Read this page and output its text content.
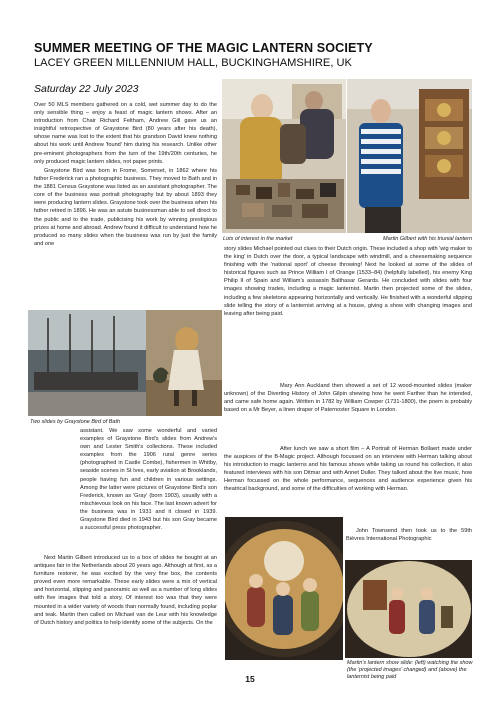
SUMMER MEETING OF THE MAGIC LANTERN SOCIETY
LACEY GREEN MILLENNIUM HALL, BUCKINGHAMSHIRE, UK
Saturday 22 July 2023
Over 50 MLS members gathered on a cold, wet summer day to do the only sensible thing – enjoy a feast of magic lantern shows. After an introduction from Chair Richard Feltham, Andrew Gill gave us an insightful retrospective of Graystone Bird (80 years after his death), whose name was lost to the extent that his grandson David knew nothing about his work until Andrew 'found' him during his research. Unlike other pre-eminent photographers from the turn of the 19th/20th centuries, he only produced magic lantern slides, not paper prints.
Graystone Bird was born in Frome, Somerset, in 1862 where his father Frederick ran a photographic business. They moved to Bath and in the 1881 Census Graystone was listed as an assistant photographer. The core of the business was portrait photography but by about 1893 they were producing lantern slides. Graystone took over the business when his father retired in 1896. He was an astute businessman able to sell direct to the public and to the trade, publicising his work by winning prestigious prizes at home and abroad. Andrew found it difficult to understand how he produced so many slides when the business was run by just the family and one
Lots of interest in the market	Martin Gilbert with his triunial lantern
story slides Michael pointed out clues to their Dutch origin. These included a shop with 'wig maker to the king' in Dutch over the door, a typical landscape with windmill, and a cheesemaking sequence finishing with the 'national sport' of cheese throwing! Next he looked at some of the slides of historical figures such as Prince William I of Orange (1533–84) (helpfully labelled), his enemy King Philip II of Spain and William's assassin Balthasar Gerards. He concluded with slides with four images showing trades, including a magic lanternist. Martin then projected some of the slides, including a few skeletons appearing horizontally and vertically. He finished with a wonderful slipping slide telling the story of a lanternist arriving at a house, giving a show with changing images and leaving after being paid.
Mary Ann Auckland then showed a set of 12 wood-mounted slides (maker unknown) of the Diverting History of John Gilpin shewing how he went Farther than he intended, and came safe home again. Written in 1782 by William Cowper (1731-1800), the poem is probably based on a Mr Beyer, a linen draper of Paternoster Square in London.
Two slides by Graystone Bird of Bath
assistant. We saw some wonderful and varied examples of Graystone Bird's slides from Andrew's own and Lester Smith's collections. These included examples from the 1906 rural genre series (photographed in Castle Combe), fishermen in Whitby, seaside scenes in St Ives, early aviation at Brooklands, people having fun and children in various settings. Among the latter were pictures of Graystone Bird's son Frederick, known as 'Gray' (born 1903), usually with a mischievous look on his face. The last known advert for the business was in 1931 and it closed in 1939. Graystone Bird died in 1943 but his son Gray became a successful press photographer.
Next Martin Gilbert introduced us to a box of slides he bought at an antiques fair in the Netherlands about 20 years ago. Although at first, as a furniture restorer, he was excited by the very fine box, the contents proved even more remarkable. These early slides were a mix of vertical and horizontal, slipping and panoramic as well as a number of long slides with five images that told a story. Of interest too was that they were mounted in a wider variety of woods than normally found, including poplar and teak. Martin then called on Michael van de Leur with his knowledge of Dutch history and politics to help identify some of the subjects. On the
After lunch we saw a short film – A Portrait of Herman Bollaert made under the auspices of the B-Magic project. Although focussed on an interview with Herman talking about his introduction to magic lanterns and his famous shows while taking us round his collection, it also featured interviews with his son Ditmar and with Annet Duller. They talked about the live music, how Herman focussed on the whole performance, sequences and audience experience given his theatrical background, and some of the difficulties of working with Herman.
John Townsend then took us to the 59th Bièvres International Photographic
Martin's lantern show slide: (left) watching the show (the 'projected images' changed) and (above) the lanternist being paid
15
